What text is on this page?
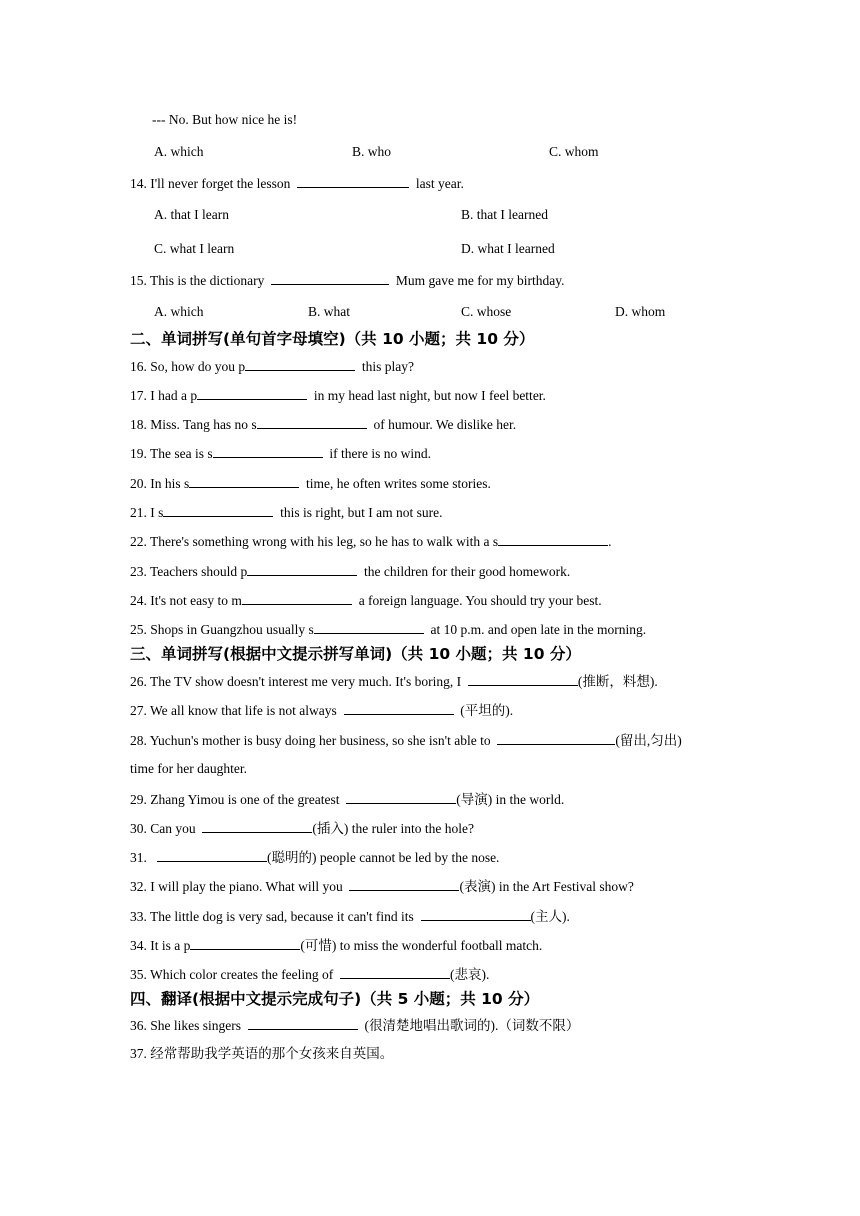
--- No. But how nice he is!
A. which	B. who	C. whom
14. I'll never forget the lesson	last year.
A. that I learn	B. that I learned
C. what I learn	D. what I learned
15. This is the dictionary	Mum gave me for my birthday.
A. which	B. what	C. whose	D. whom
二、单词拼写(单句首字母填空)（共 10 小题；共 10 分）
16. So, how do you p	this play?
17. I had a p	in my head last night, but now I feel better.
18. Miss. Tang has no s	of humour. We dislike her.
19. The sea is s	if there is no wind.
20. In his s	time, he often writes some stories.
21. I s	this is right, but I am not sure.
22. There's something wrong with his leg, so he has to walk with a s	.
23. Teachers should p	the children for their good homework.
24. It's not easy to m	a foreign language. You should try your best.
25. Shops in Guangzhou usually s	at 10 p.m. and open late in the morning.
三、单词拼写(根据中文提示拼写单词)（共 10 小题；共 10 分）
26. The TV show doesn't interest me very much. It's boring, I	(推断，料想).
27. We all know that life is not always	(平坦的).
28. Yuchun's mother is busy doing her business, so she isn't able to	(留出,匀出)
time for her daughter.
29. Zhang Yimou is one of the greatest	(导演) in the world.
30. Can you	(插入) the ruler into the hole?
31.	(聪明的) people cannot be led by the nose.
32. I will play the piano. What will you	(表演) in the Art Festival show?
33. The little dog is very sad, because it can't find its	(主人).
34. It is a p	(可惜) to miss the wonderful football match.
35. Which color creates the feeling of	(悲哀).
四、翻译(根据中文提示完成句子)（共 5 小题；共 10 分）
36. She likes singers	(很清楚地唱出歌词的).（词数不限）
37. 经常帮助我学英语的那个女孩来自英国。
